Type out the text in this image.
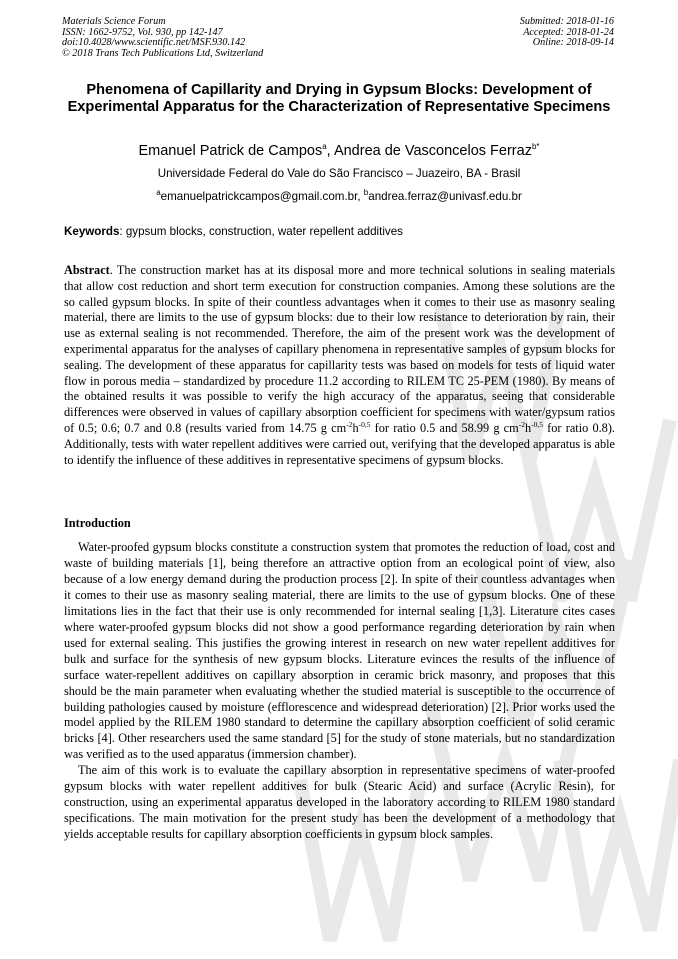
Materials Science Forum
ISSN: 1662-9752, Vol. 930, pp 142-147
doi:10.4028/www.scientific.net/MSF.930.142
© 2018 Trans Tech Publications Ltd, Switzerland
Submitted: 2018-01-16
Accepted: 2018-01-24
Online: 2018-09-14
Phenomena of Capillarity and Drying in Gypsum Blocks: Development of Experimental Apparatus for the Characterization of Representative Specimens
Emanuel Patrick de Campos$^a$, Andrea de Vasconcelos Ferraz$^{b*}$
Universidade Federal do Vale do São Francisco – Juazeiro, BA - Brasil
$^a$emanuelpatrickcampos@gmail.com.br, $^b$andrea.ferraz@univasf.edu.br
Keywords: gypsum blocks, construction, water repellent additives
Abstract. The construction market has at its disposal more and more technical solutions in sealing materials that allow cost reduction and short term execution for construction companies. Among these solutions are the so called gypsum blocks. In spite of their countless advantages when it comes to their use as masonry sealing material, there are limits to the use of gypsum blocks: due to their low resistance to deterioration by rain, their use as external sealing is not recommended. Therefore, the aim of the present work was the development of experimental apparatus for the analyses of capillary phenomena in representative samples of gypsum blocks for sealing. The development of these apparatus for capillarity tests was based on models for tests of liquid water flow in porous media – standardized by procedure 11.2 according to RILEM TC 25-PEM (1980). By means of the obtained results it was possible to verify the high accuracy of the apparatus, seeing that considerable differences were observed in values of capillary absorption coefficient for specimens with water/gypsum ratios of 0.5; 0.6; 0.7 and 0.8 (results varied from 14.75 g $cm^{-2}h^{-0,5}$ for ratio 0.5 and 58.99 g $cm^{-2}h^{-0,5}$ for ratio 0.8). Additionally, tests with water repellent additives were carried out, verifying that the developed apparatus is able to identify the influence of these additives in representative specimens of gypsum blocks.
Introduction

Water-proofed gypsum blocks constitute a construction system that promotes the reduction of load, cost and waste of building materials [1], being therefore an attractive option from an ecological point of view, also because of a low energy demand during the production process [2]. In spite of their countless advantages when it comes to their use as masonry sealing material, there are limits to the use of gypsum blocks. One of these limitations lies in the fact that their use is only recommended for internal sealing [1,3]. Literature cites cases where water-proofed gypsum blocks did not show a good performance regarding deterioration by rain when used for external sealing. This justifies the growing interest in research on new water repellent additives for bulk and surface for the synthesis of new gypsum blocks. Literature evinces the results of the influence of surface water-repellent additives on capillary absorption in ceramic brick masonry, and proposes that this should be the main parameter when evaluating whether the studied material is susceptible to the occurrence of building pathologies caused by moisture (efflorescence and widespread deterioration) [2]. Prior works used the model applied by the RILEM 1980 standard to determine the capillary absorption coefficient of solid ceramic bricks [4]. Other researchers used the same standard [5] for the study of stone materials, but no standardization was verified as to the used apparatus (immersion chamber).

The aim of this work is to evaluate the capillary absorption in representative specimens of water-proofed gypsum blocks with water repellent additives for bulk (Stearic Acid) and surface (Acrylic Resin), for construction, using an experimental apparatus developed in the laboratory according to RILEM 1980 standard specifications. The main motivation for the present study has been the development of a methodology that yields acceptable results for capillary absorption coefficients in gypsum block samples.
